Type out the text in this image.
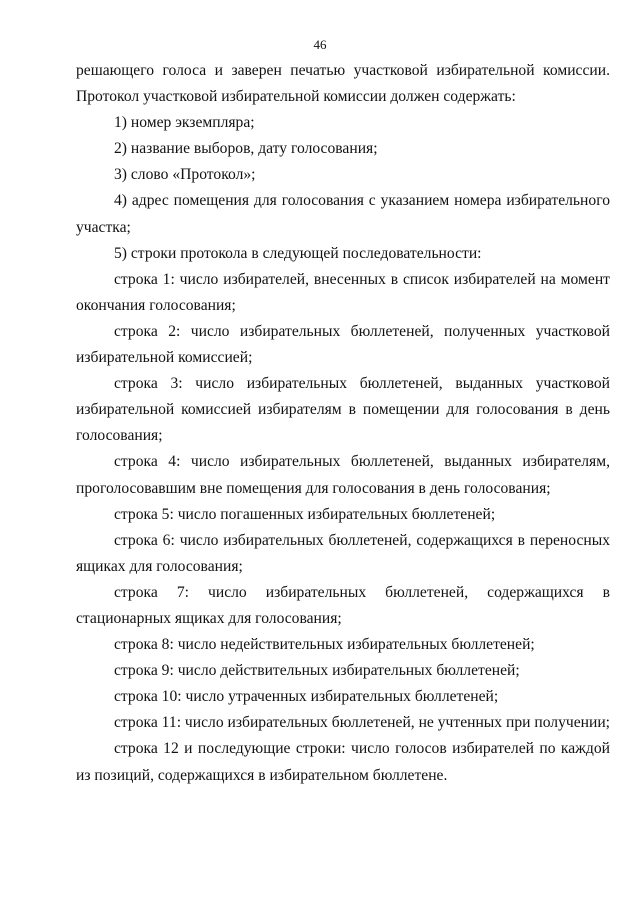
46

решающего голоса и заверен печатью участковой избирательной комиссии. Протокол участковой избирательной комиссии должен содержать:

1) номер экземпляра;

2) название выборов, дату голосования;

3) слово «Протокол»;

4) адрес помещения для голосования с указанием номера избирательного участка;

5) строки протокола в следующей последовательности:

строка 1: число избирателей, внесенных в список избирателей на момент окончания голосования;

строка 2: число избирательных бюллетеней, полученных участковой избирательной комиссией;

строка 3: число избирательных бюллетеней, выданных участковой избирательной комиссией избирателям в помещении для голосования в день голосования;

строка 4: число избирательных бюллетеней, выданных избирателям, проголосовавшим вне помещения для голосования в день голосования;

строка 5: число погашенных избирательных бюллетеней;

строка 6: число избирательных бюллетеней, содержащихся в переносных ящиках для голосования;

строка 7: число избирательных бюллетеней, содержащихся в стационарных ящиках для голосования;

строка 8: число недействительных избирательных бюллетеней;

строка 9: число действительных избирательных бюллетеней;

строка 10: число утраченных избирательных бюллетеней;

строка 11: число избирательных бюллетеней, не учтенных при получении;

строка 12 и последующие строки: число голосов избирателей по каждой из позиций, содержащихся в избирательном бюллетене.
